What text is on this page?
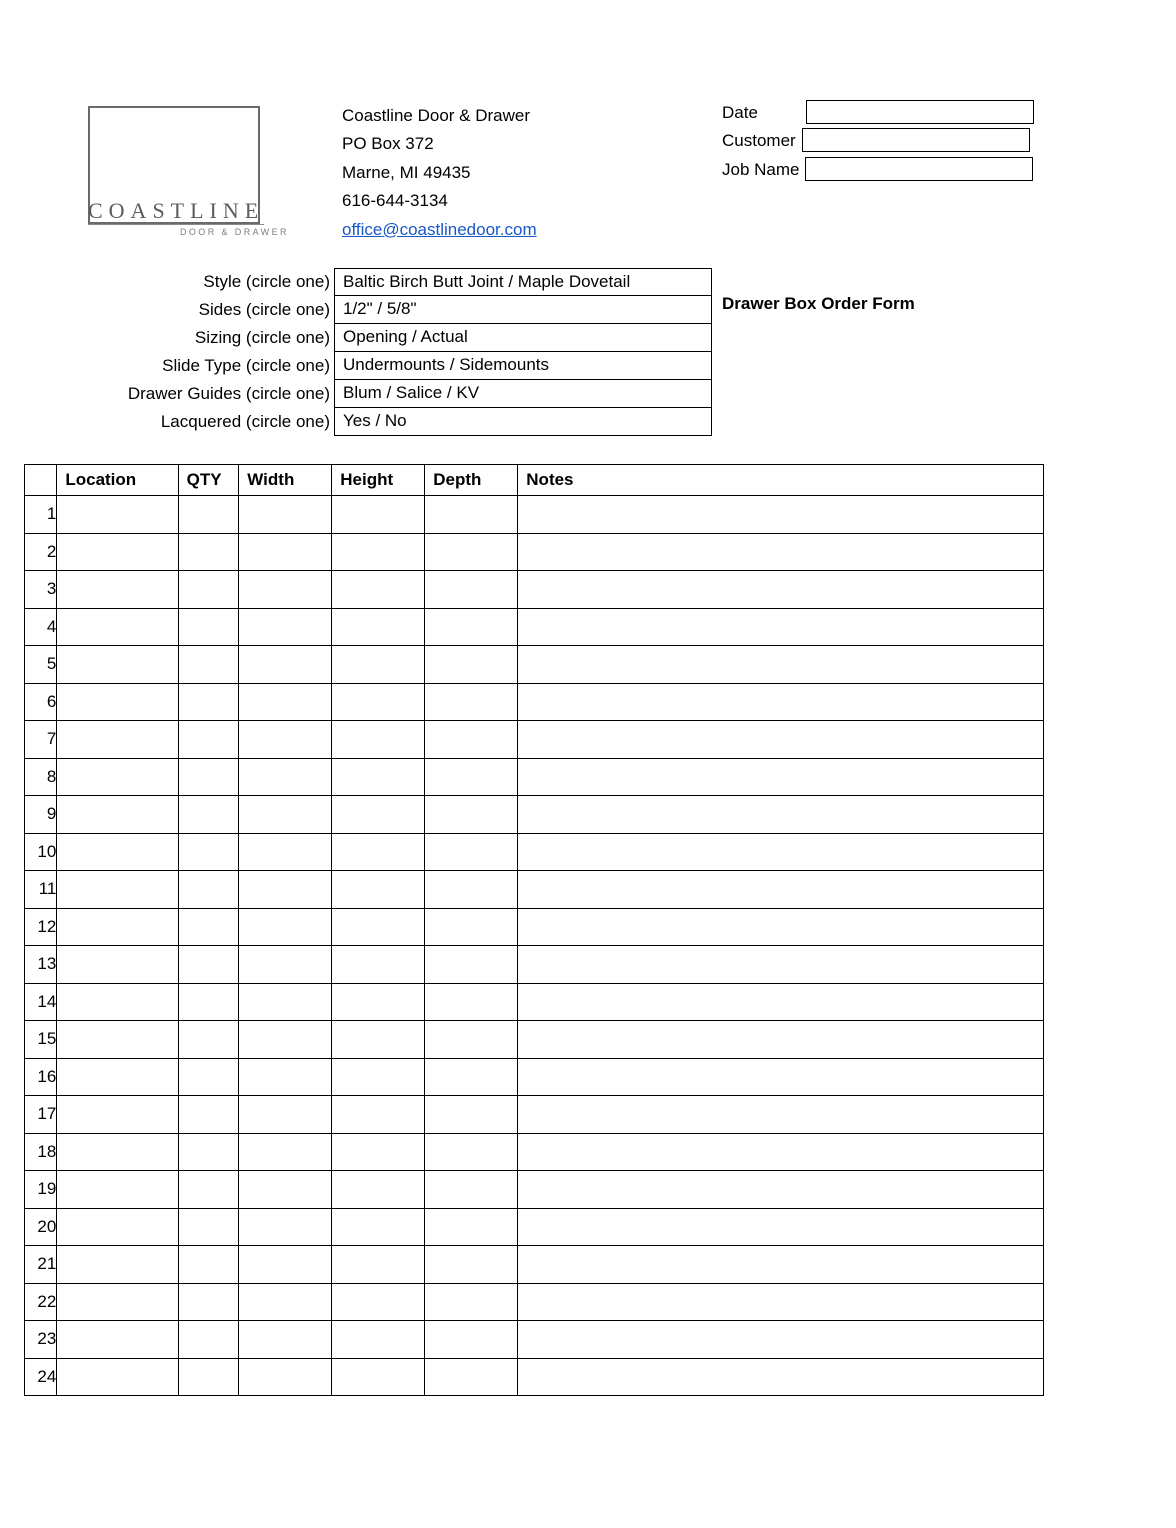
COASTLINE
DOOR & DRAWER
Coastline Door & Drawer
PO Box 372
Marne, MI 49435
616-644-3134
office@coastlinedoor.com
Date
Customer
Job Name
Drawer Box Order Form
Style (circle one) Baltic Birch Butt Joint / Maple Dovetail
Sides (circle one) 1/2" / 5/8"
Sizing (circle one) Opening / Actual
Slide Type (circle one) Undermounts / Sidemounts
Drawer Guides (circle one) Blum / Salice / KV
Lacquered (circle one) Yes / No
	Location	QTY	Width	Height	Depth	Notes
1						
2						
3						
4						
5						
6						
7						
8						
9						
10						
11						
12						
13						
14						
15						
16						
17						
18						
19						
20						
21						
22						
23						
24						
